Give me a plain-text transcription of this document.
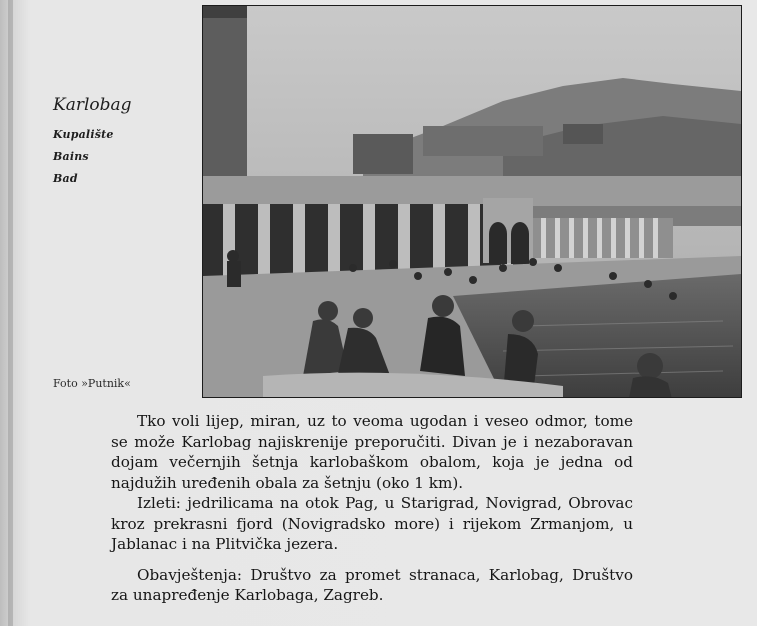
Karlobag
Kupalište
Bains
Bad
Foto »Putnik«

Tko voli lijep, miran, uz to veoma ugodan i veseo odmor, tome se može Karlobag najiskrenije preporučiti. Divan je i nezaboravan dojam večernjih šetnja karlobaškom obalom, koja je jedna od najdužih uređenih obala za šetnju (oko 1 km).

Izleti: jedrilicama na otok Pag, u Starigrad, Novigrad, Obrovac kroz prekrasni fjord (Novigradsko more) i rijekom Zrmanjom, u Jablanac i na Plitvička jezera.

Obavještenja: Društvo za promet stranaca, Karlobag, Društvo za unapređenje Karlobaga, Zagreb.
